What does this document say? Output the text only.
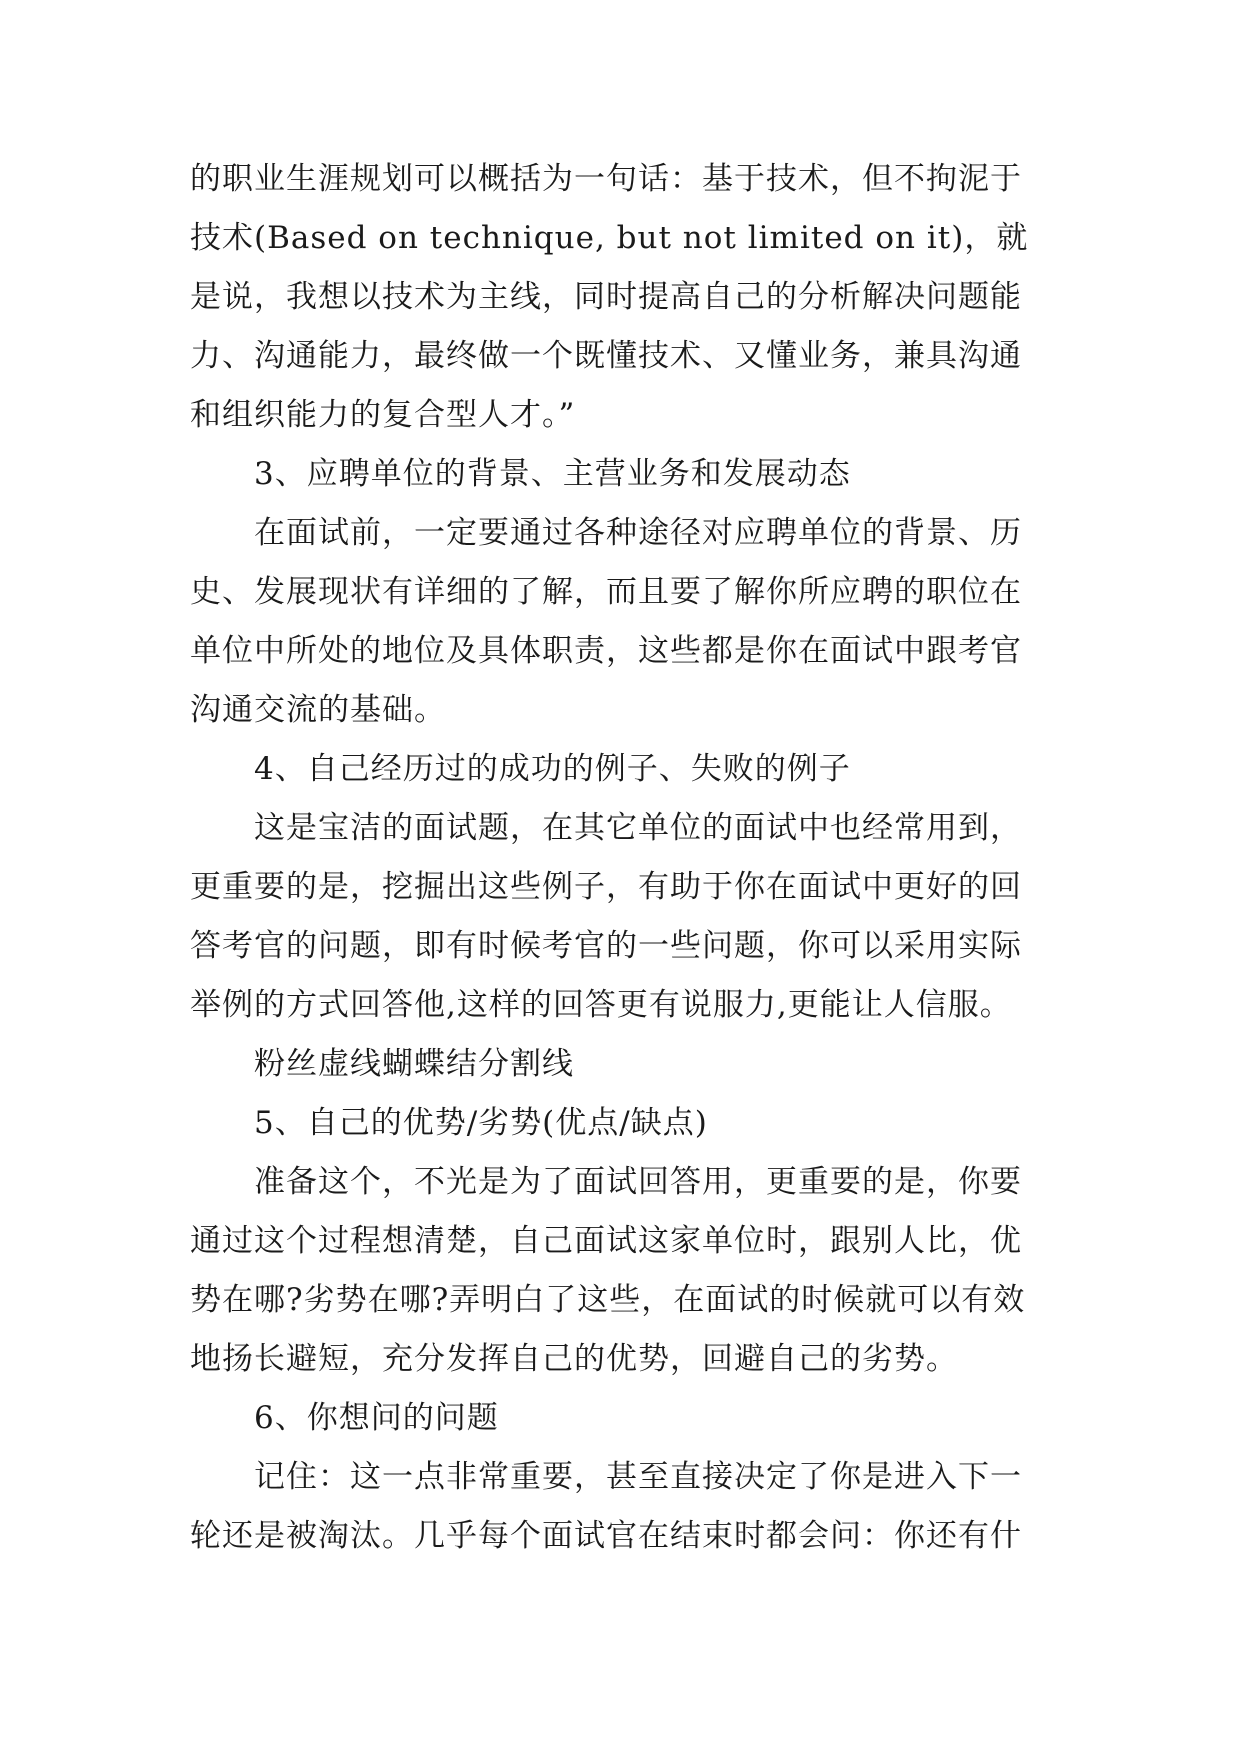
的职业生涯规划可以概括为一句话：基于技术，但不拘泥于
技术(Based on technique, but not limited on it)，就
是说，我想以技术为主线，同时提高自己的分析解决问题能
力、沟通能力，最终做一个既懂技术、又懂业务，兼具沟通
和组织能力的复合型人才。”
3、应聘单位的背景、主营业务和发展动态
在面试前，一定要通过各种途径对应聘单位的背景、历
史、发展现状有详细的了解，而且要了解你所应聘的职位在
单位中所处的地位及具体职责，这些都是你在面试中跟考官
沟通交流的基础。
4、自己经历过的成功的例子、失败的例子
这是宝洁的面试题，在其它单位的面试中也经常用到，
更重要的是，挖掘出这些例子，有助于你在面试中更好的回
答考官的问题，即有时候考官的一些问题，你可以采用实际
举例的方式回答他,这样的回答更有说服力,更能让人信服。
粉丝虚线蝴蝶结分割线
5、自己的优势/劣势(优点/缺点)
准备这个，不光是为了面试回答用，更重要的是，你要
通过这个过程想清楚，自己面试这家单位时，跟别人比，优
势在哪?劣势在哪?弄明白了这些，在面试的时候就可以有效
地扬长避短，充分发挥自己的优势，回避自己的劣势。
6、你想问的问题
记住：这一点非常重要，甚至直接决定了你是进入下一
轮还是被淘汰。几乎每个面试官在结束时都会问：你还有什
